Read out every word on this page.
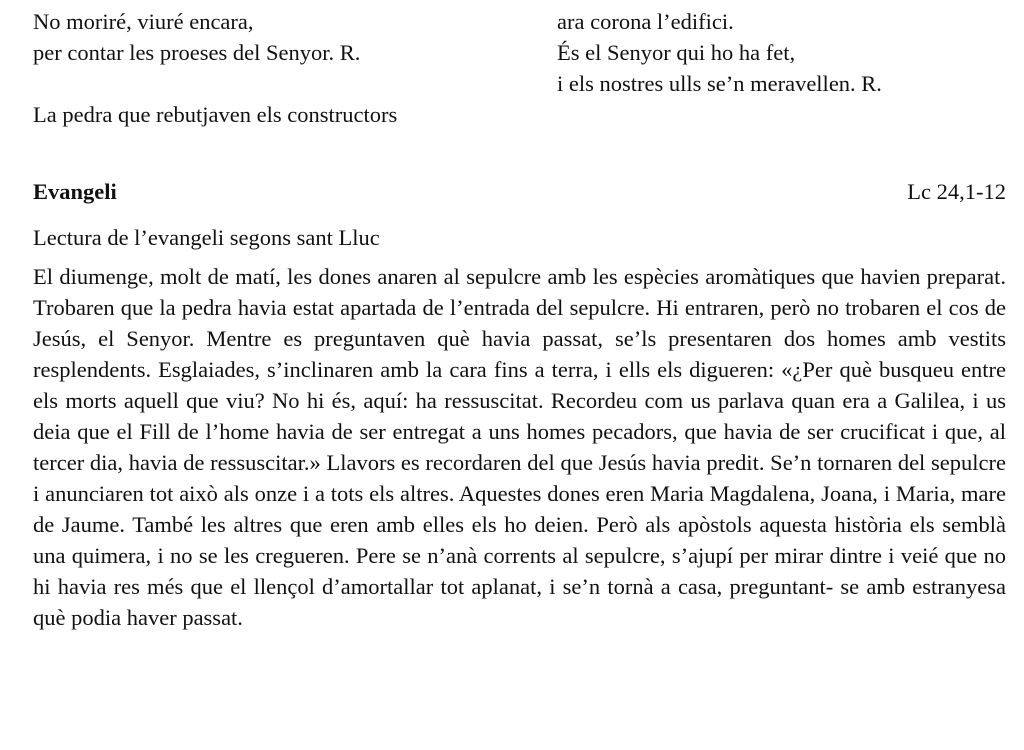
No moriré, viuré encara,
per contar les proeses del Senyor. R.
La pedra que rebutjaven els constructors
ara corona l’edifici.
És el Senyor qui ho ha fet,
i els nostres ulls se’n meravellen. R.
Evangeli	Lc 24,1-12
Lectura de l’evangeli segons sant Lluc
El diumenge, molt de matí, les dones anaren al sepulcre amb les espècies aromàtiques que havien preparat. Trobaren que la pedra havia estat apartada de l’entrada del sepulcre. Hi entraren, però no trobaren el cos de Jesús, el Senyor. Mentre es preguntaven què havia passat, se’ls presentaren dos homes amb vestits resplendents. Esglaiades, s’inclinaren amb la cara fins a terra, i ells els digueren: «¿Per què busqueu entre els morts aquell que viu? No hi és, aquí: ha ressuscitat. Recordeu com us parlava quan era a Galilea, i us deia que el Fill de l’home havia de ser entregat a uns homes pecadors, que havia de ser crucificat i que, al tercer dia, havia de ressuscitar.» Llavors es recordaren del que Jesús havia predit. Se’n tornaren del sepulcre i anunciaren tot això als onze i a tots els altres. Aquestes dones eren Maria Magdalena, Joana, i Maria, mare de Jaume. També les altres que eren amb elles els ho deien. Però als apòstols aquesta història els semblà una quimera, i no se les cregueren. Pere se n’anà corrents al sepulcre, s’ajupí per mirar dintre i veié que no hi havia res més que el llençol d’amortallar tot aplanat, i se’n tornà a casa, preguntant- se amb estranyesa què podia haver passat.
